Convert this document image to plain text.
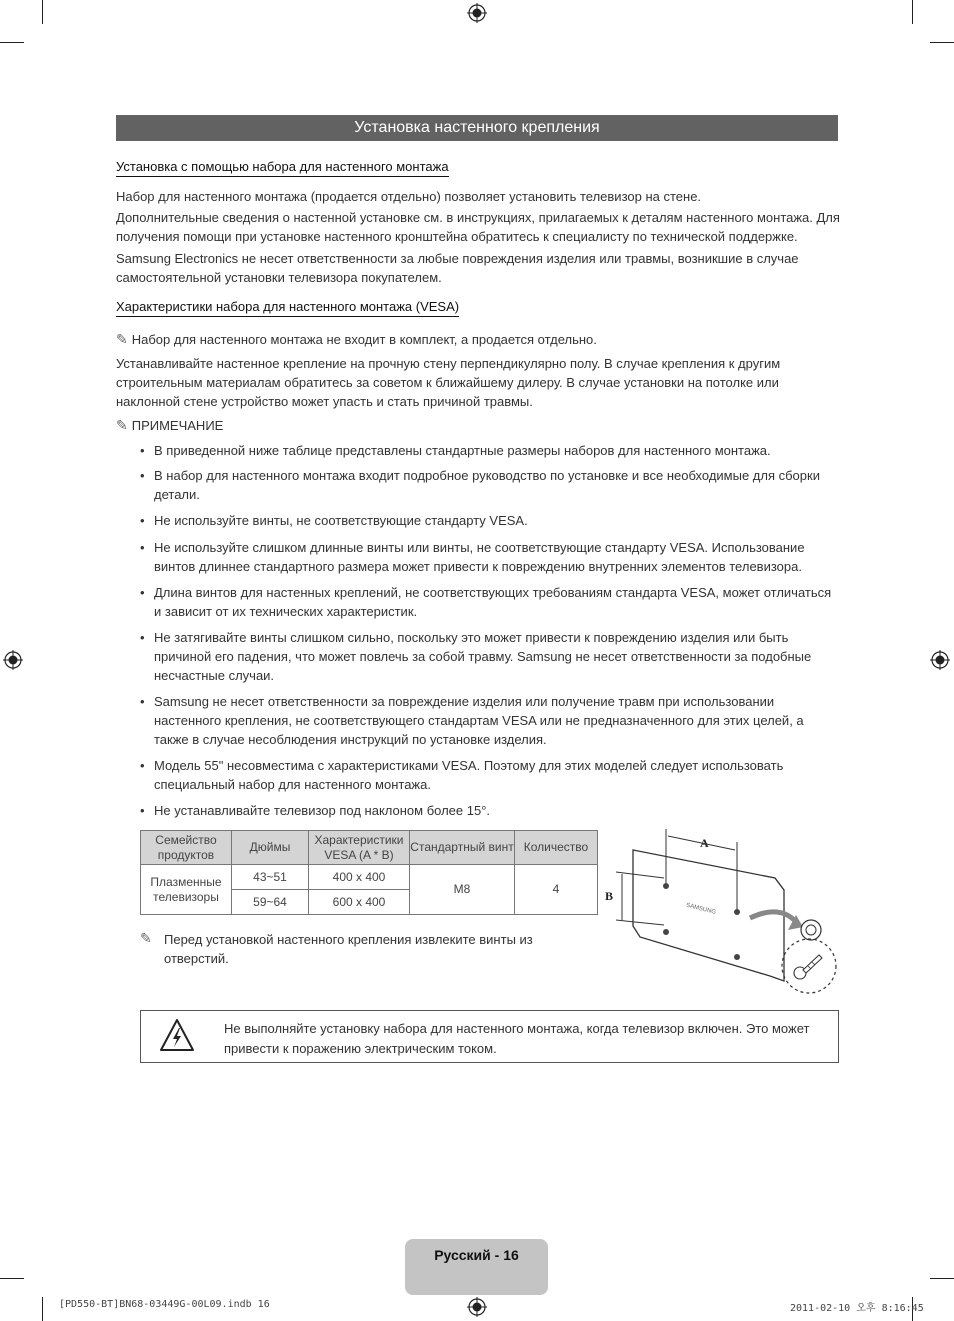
Установка настенного крепления
Установка с помощью набора для настенного монтажа

Набор для настенного монтажа (продается отдельно) позволяет установить телевизор на стене.

Дополнительные сведения о настенной установке см. в инструкциях, прилагаемых к деталям настенного монтажа. Для получения помощи при установке настенного кронштейна обратитесь к специалисту по технической поддержке.

Samsung Electronics не несет ответственности за любые повреждения изделия или травмы, возникшие в случае самостоятельной установки телевизора покупателем.

Характеристики набора для настенного монтажа (VESA)
✎ Набор для настенного монтажа не входит в комплект, а продается отдельно.

Устанавливайте настенное крепление на прочную стену перпендикулярно полу. В случае крепления к другим строительным материалам обратитесь за советом к ближайшему дилеру. В случае установки на потолке или наклонной стене устройство может упасть и стать причиной травмы.

✎ ПРИМЕЧАНИЕ
• В приведенной ниже таблице представлены стандартные размеры наборов для настенного монтажа.
• В набор для настенного монтажа входит подробное руководство по установке и все необходимые для сборки детали.
• Не используйте винты, не соответствующие стандарту VESA.
• Не используйте слишком длинные винты или винты, не соответствующие стандарту VESA. Использование винтов длиннее стандартного размера может привести к повреждению внутренних элементов телевизора.
• Длина винтов для настенных креплений, не соответствующих требованиям стандарта VESA, может отличаться и зависит от их технических характеристик.
• Не затягивайте винты слишком сильно, поскольку это может привести к повреждению изделия или быть причиной его падения, что может повлечь за собой травму. Samsung не несет ответственности за подобные несчастные случаи.
• Samsung не несет ответственности за повреждение изделия или получение травм при использовании настенного крепления, не соответствующего стандартам VESA или не предназначенного для этих целей, а также в случае несоблюдения инструкций по установке изделия.
• Модель 55" несовместима с характеристиками VESA. Поэтому для этих моделей следует использовать специальный набор для настенного монтажа.
• Не устанавливайте телевизор под наклоном более 15°.
Семейство продуктов	Дюймы	Характеристики VESA (A * B)	Стандартный винт	Количество
Плазменные телевизоры	43~51	400 x 400	M8	4
	59~64	600 x 400		
✎ Перед установкой настенного крепления извлеките винты из отверстий.
A
B
SAMSUNG
Не выполняйте установку набора для настенного монтажа, когда телевизор включен. Это может привести к поражению электрическим током.
Русский - 16
[PD550-BT]BN68-03449G-00L09.indb 16	2011-02-10 오후 8:16:45
